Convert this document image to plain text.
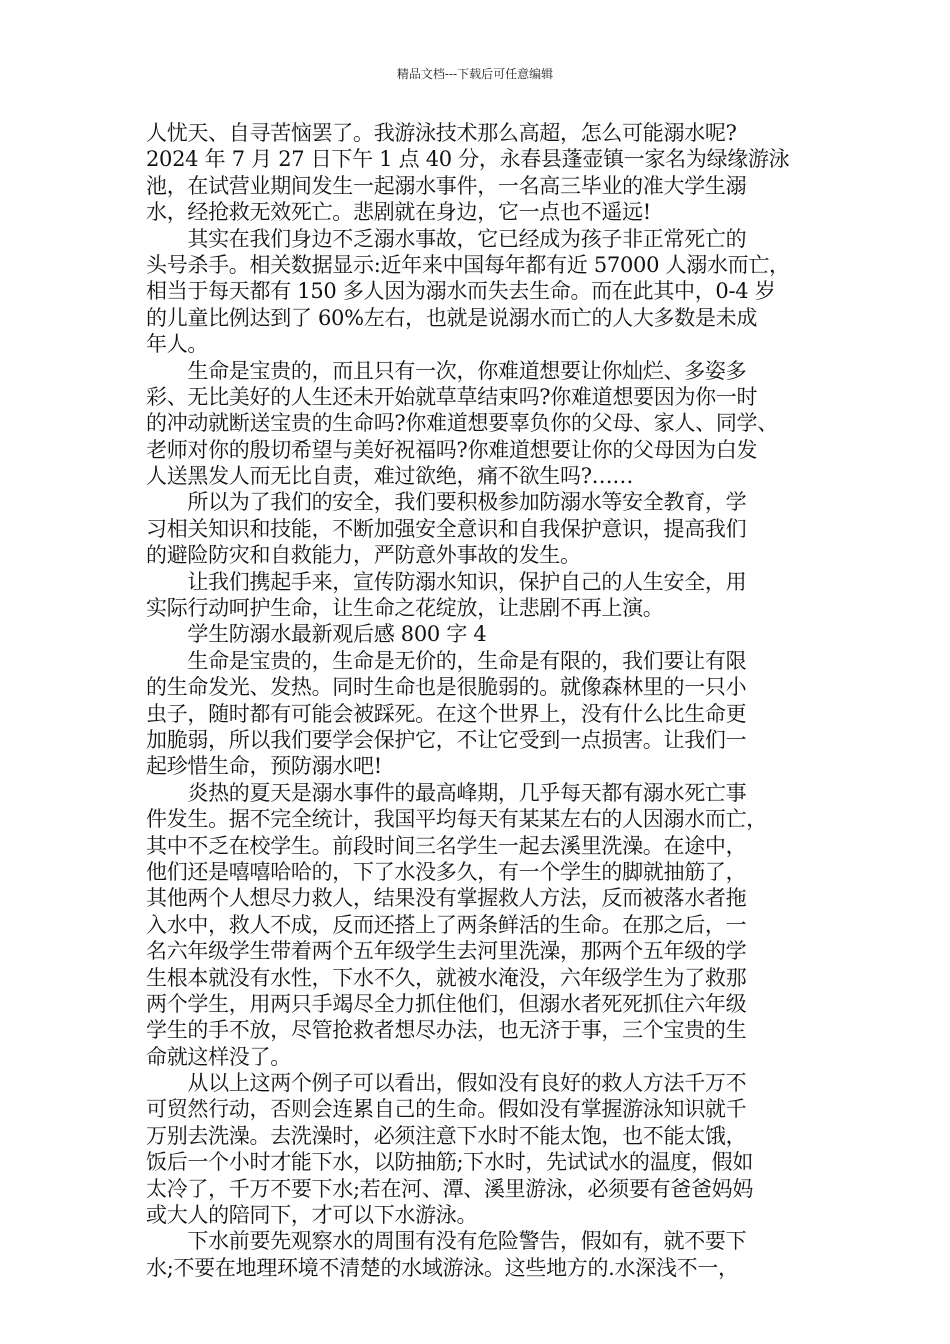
精品文档---下载后可任意编辑
人忧天、自寻苦恼罢了。我游泳技术那么高超，怎么可能溺水呢?
2024 年 7 月 27 日下午 1 点 40 分，永春县蓬壶镇一家名为绿缘游泳
池，在试营业期间发生一起溺水事件，一名高三毕业的准大学生溺
水，经抢救无效死亡。悲剧就在身边，它一点也不遥远!
　　其实在我们身边不乏溺水事故，它已经成为孩子非正常死亡的
头号杀手。相关数据显示:近年来中国每年都有近 57000 人溺水而亡，
相当于每天都有 150 多人因为溺水而失去生命。而在此其中，0-4 岁
的儿童比例达到了 60%左右，也就是说溺水而亡的人大多数是未成
年人。
　　生命是宝贵的，而且只有一次，你难道想要让你灿烂、多姿多
彩、无比美好的人生还未开始就草草结束吗?你难道想要因为你一时
的冲动就断送宝贵的生命吗?你难道想要辜负你的父母、家人、同学、
老师对你的殷切希望与美好祝福吗?你难道想要让你的父母因为白发
人送黑发人而无比自责，难过欲绝，痛不欲生吗?……
　　所以为了我们的安全，我们要积极参加防溺水等安全教育，学
习相关知识和技能，不断加强安全意识和自我保护意识，提高我们
的避险防灾和自救能力，严防意外事故的发生。
　　让我们携起手来，宣传防溺水知识，保护自己的人生安全，用
实际行动呵护生命，让生命之花绽放，让悲剧不再上演。
　　学生防溺水最新观后感 800 字 4
　　生命是宝贵的，生命是无价的，生命是有限的，我们要让有限
的生命发光、发热。同时生命也是很脆弱的。就像森林里的一只小
虫子，随时都有可能会被踩死。在这个世界上，没有什么比生命更
加脆弱，所以我们要学会保护它，不让它受到一点损害。让我们一
起珍惜生命，预防溺水吧!
　　炎热的夏天是溺水事件的最高峰期，几乎每天都有溺水死亡事
件发生。据不完全统计，我国平均每天有某某左右的人因溺水而亡，
其中不乏在校学生。前段时间三名学生一起去溪里洗澡。在途中，
他们还是嘻嘻哈哈的，下了水没多久，有一个学生的脚就抽筋了，
其他两个人想尽力救人，结果没有掌握救人方法，反而被落水者拖
入水中，救人不成，反而还搭上了两条鲜活的生命。在那之后，一
名六年级学生带着两个五年级学生去河里洗澡，那两个五年级的学
生根本就没有水性，下水不久，就被水淹没，六年级学生为了救那
两个学生，用两只手竭尽全力抓住他们，但溺水者死死抓住六年级
学生的手不放，尽管抢救者想尽办法，也无济于事，三个宝贵的生
命就这样没了。
　　从以上这两个例子可以看出，假如没有良好的救人方法千万不
可贸然行动，否则会连累自己的生命。假如没有掌握游泳知识就千
万别去洗澡。去洗澡时，必须注意下水时不能太饱，也不能太饿，
饭后一个小时才能下水，以防抽筋;下水时，先试试水的温度，假如
太冷了，千万不要下水;若在河、潭、溪里游泳，必须要有爸爸妈妈
或大人的陪同下，才可以下水游泳。
　　下水前要先观察水的周围有没有危险警告，假如有，就不要下
水;不要在地理环境不清楚的水域游泳。这些地方的.水深浅不一，
